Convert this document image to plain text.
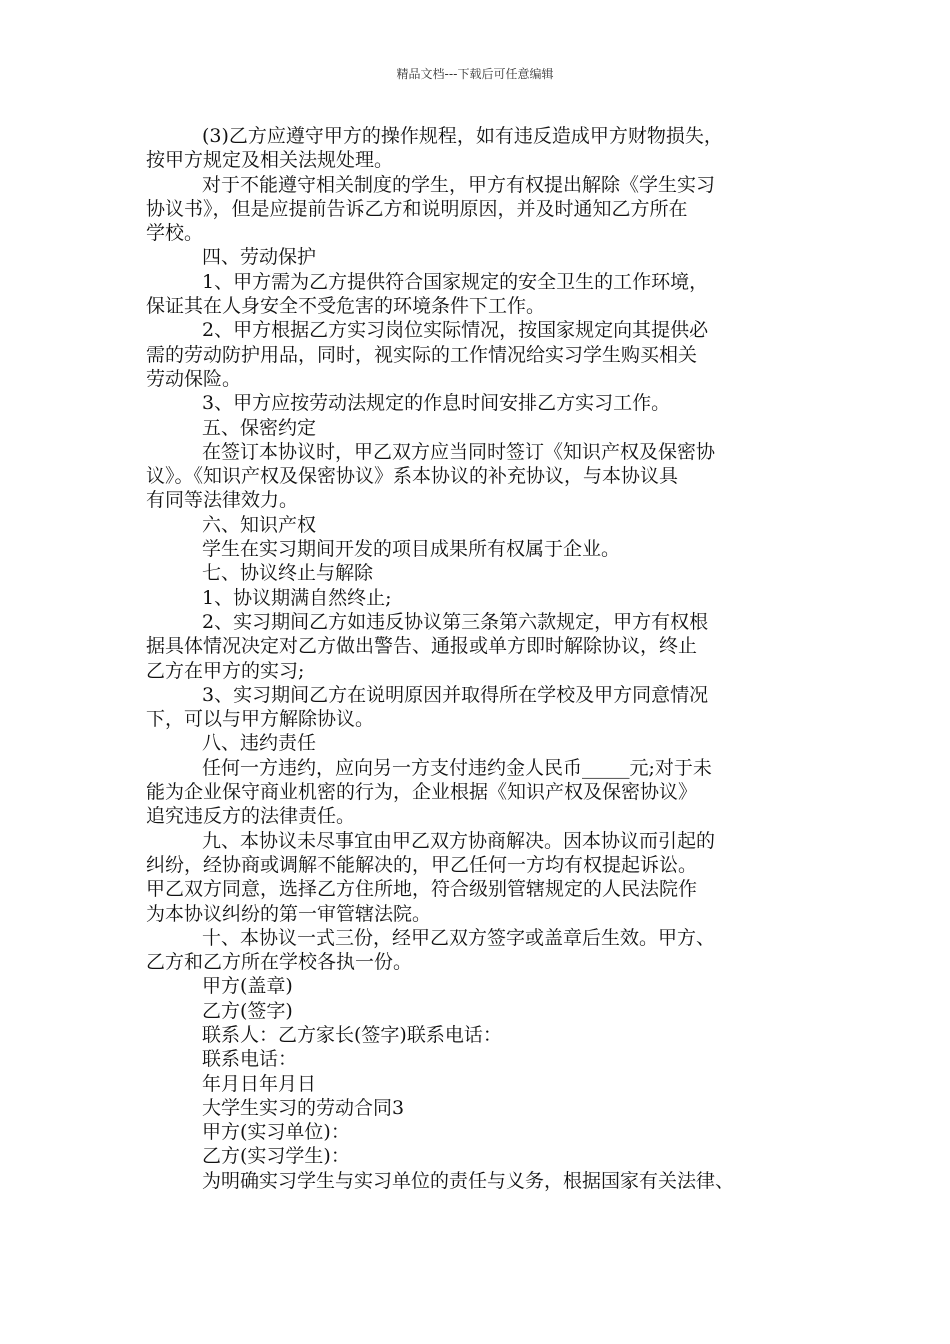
精品文档---下载后可任意编辑

(3)乙方应遵守甲方的操作规程，如有违反造成甲方财物损失，

按甲方规定及相关法规处理。

对于不能遵守相关制度的学生，甲方有权提出解除《学生实习

协议书》，但是应提前告诉乙方和说明原因，并及时通知乙方所在

学校。

四、劳动保护

1、甲方需为乙方提供符合国家规定的安全卫生的工作环境，

保证其在人身安全不受危害的环境条件下工作。

2、甲方根据乙方实习岗位实际情况，按国家规定向其提供必

需的劳动防护用品，同时，视实际的工作情况给实习学生购买相关

劳动保险。

3、甲方应按劳动法规定的作息时间安排乙方实习工作。

五、保密约定

在签订本协议时，甲乙双方应当同时签订《知识产权及保密协

议》。《知识产权及保密协议》系本协议的补充协议，与本协议具

有同等法律效力。

六、知识产权

学生在实习期间开发的项目成果所有权属于企业。

七、协议终止与解除

1、协议期满自然终止;

2、实习期间乙方如违反协议第三条第六款规定，甲方有权根

据具体情况决定对乙方做出警告、通报或单方即时解除协议，终止

乙方在甲方的实习;

3、实习期间乙方在说明原因并取得所在学校及甲方同意情况

下，可以与甲方解除协议。

八、违约责任

任何一方违约，应向另一方支付违约金人民币_____元;对于未

能为企业保守商业机密的行为，企业根据《知识产权及保密协议》

追究违反方的法律责任。

九、本协议未尽事宜由甲乙双方协商解决。因本协议而引起的

纠纷，经协商或调解不能解决的，甲乙任何一方均有权提起诉讼。

甲乙双方同意，选择乙方住所地，符合级别管辖规定的人民法院作

为本协议纠纷的第一审管辖法院。

十、本协议一式三份，经甲乙双方签字或盖章后生效。甲方、

乙方和乙方所在学校各执一份。

甲方(盖章)

乙方(签字)

联系人：乙方家长(签字)联系电话：

联系电话：

年月日年月日

大学生实习的劳动合同3

甲方(实习单位)：

乙方(实习学生)：

为明确实习学生与实习单位的责任与义务，根据国家有关法律、
